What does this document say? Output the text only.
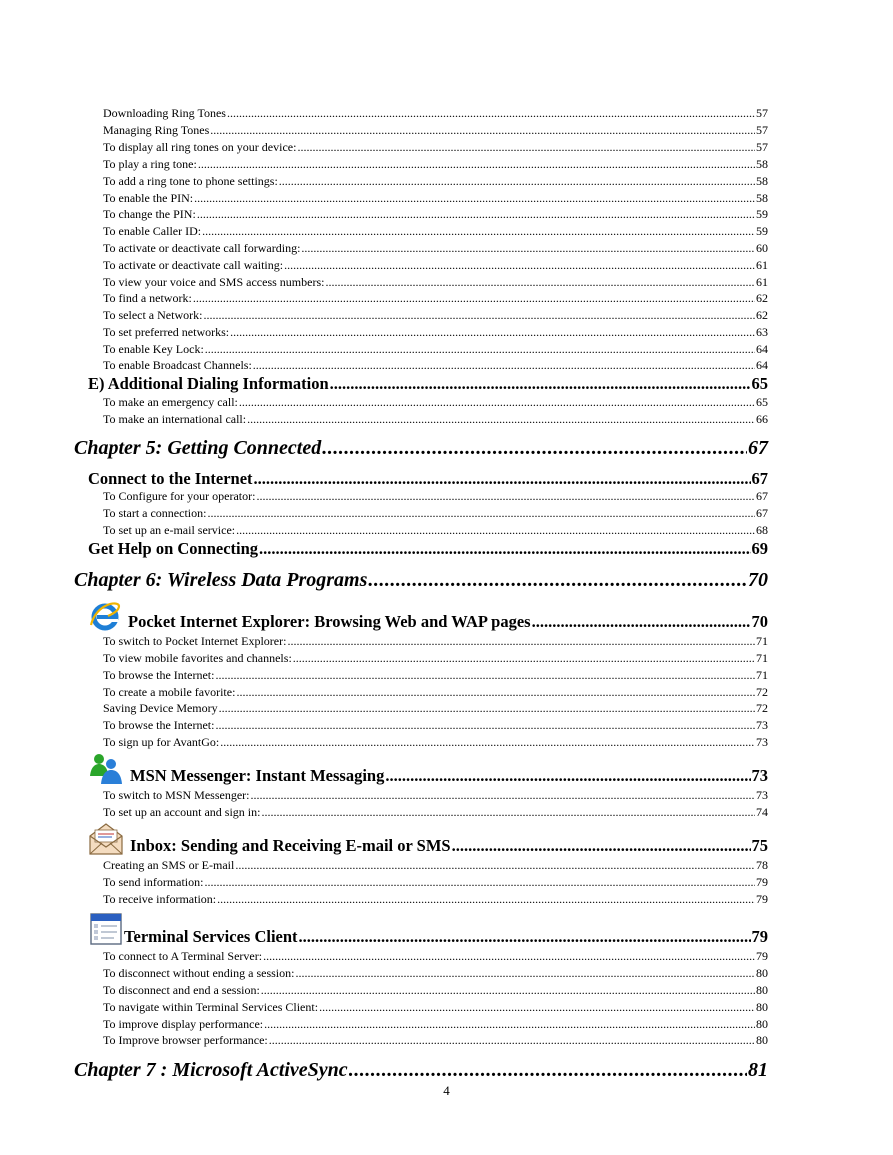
Downloading Ring Tones .....	57
Managing Ring Tones .....	57
To display all ring tones on your device: .....	57
To play a ring tone: .....	58
To add a ring tone to phone settings: .....	58
To enable the PIN: .....	58
To change the PIN: .....	59
To enable Caller ID: .....	59
To activate or deactivate call forwarding: .....	60
To activate or deactivate call waiting: .....	61
To view your voice and SMS access numbers: .....	61
To find a network: .....	62
To select a Network: .....	62
To set preferred networks: .....	63
To enable Key Lock: .....	64
To enable Broadcast Channels: .....	64
E) Additional Dialing Information .....	65
To make an emergency call: .....	65
To make an international call: .....	66
Chapter 5: Getting Connected .....	67
Connect to the Internet .....	67
To Configure for your operator: .....	67
To start a connection: .....	67
To set up an e-mail service: .....	68
Get Help on Connecting .....	69
Chapter 6: Wireless Data Programs .....	70
Pocket Internet Explorer: Browsing Web and WAP pages .....	70
To switch to Pocket Internet Explorer: .....	71
To view mobile favorites and channels: .....	71
To browse the Internet: .....	71
To create a mobile favorite: .....	72
Saving Device Memory .....	72
To browse the Internet: .....	73
To sign up for AvantGo: .....	73
MSN Messenger: Instant Messaging .....	73
To switch to MSN Messenger: .....	73
To set up an account and sign in: .....	74
Inbox: Sending and Receiving E-mail or SMS .....	75
Creating an SMS or E-mail .....	78
To send information: .....	79
To receive information: .....	79
Terminal Services Client .....	79
To connect to A Terminal Server: .....	79
To disconnect without ending a session: .....	80
To disconnect and end a session: .....	80
To navigate within Terminal Services Client: .....	80
To improve display performance: .....	80
To Improve browser performance: .....	80
Chapter 7 : Microsoft ActiveSync .....	81
4
